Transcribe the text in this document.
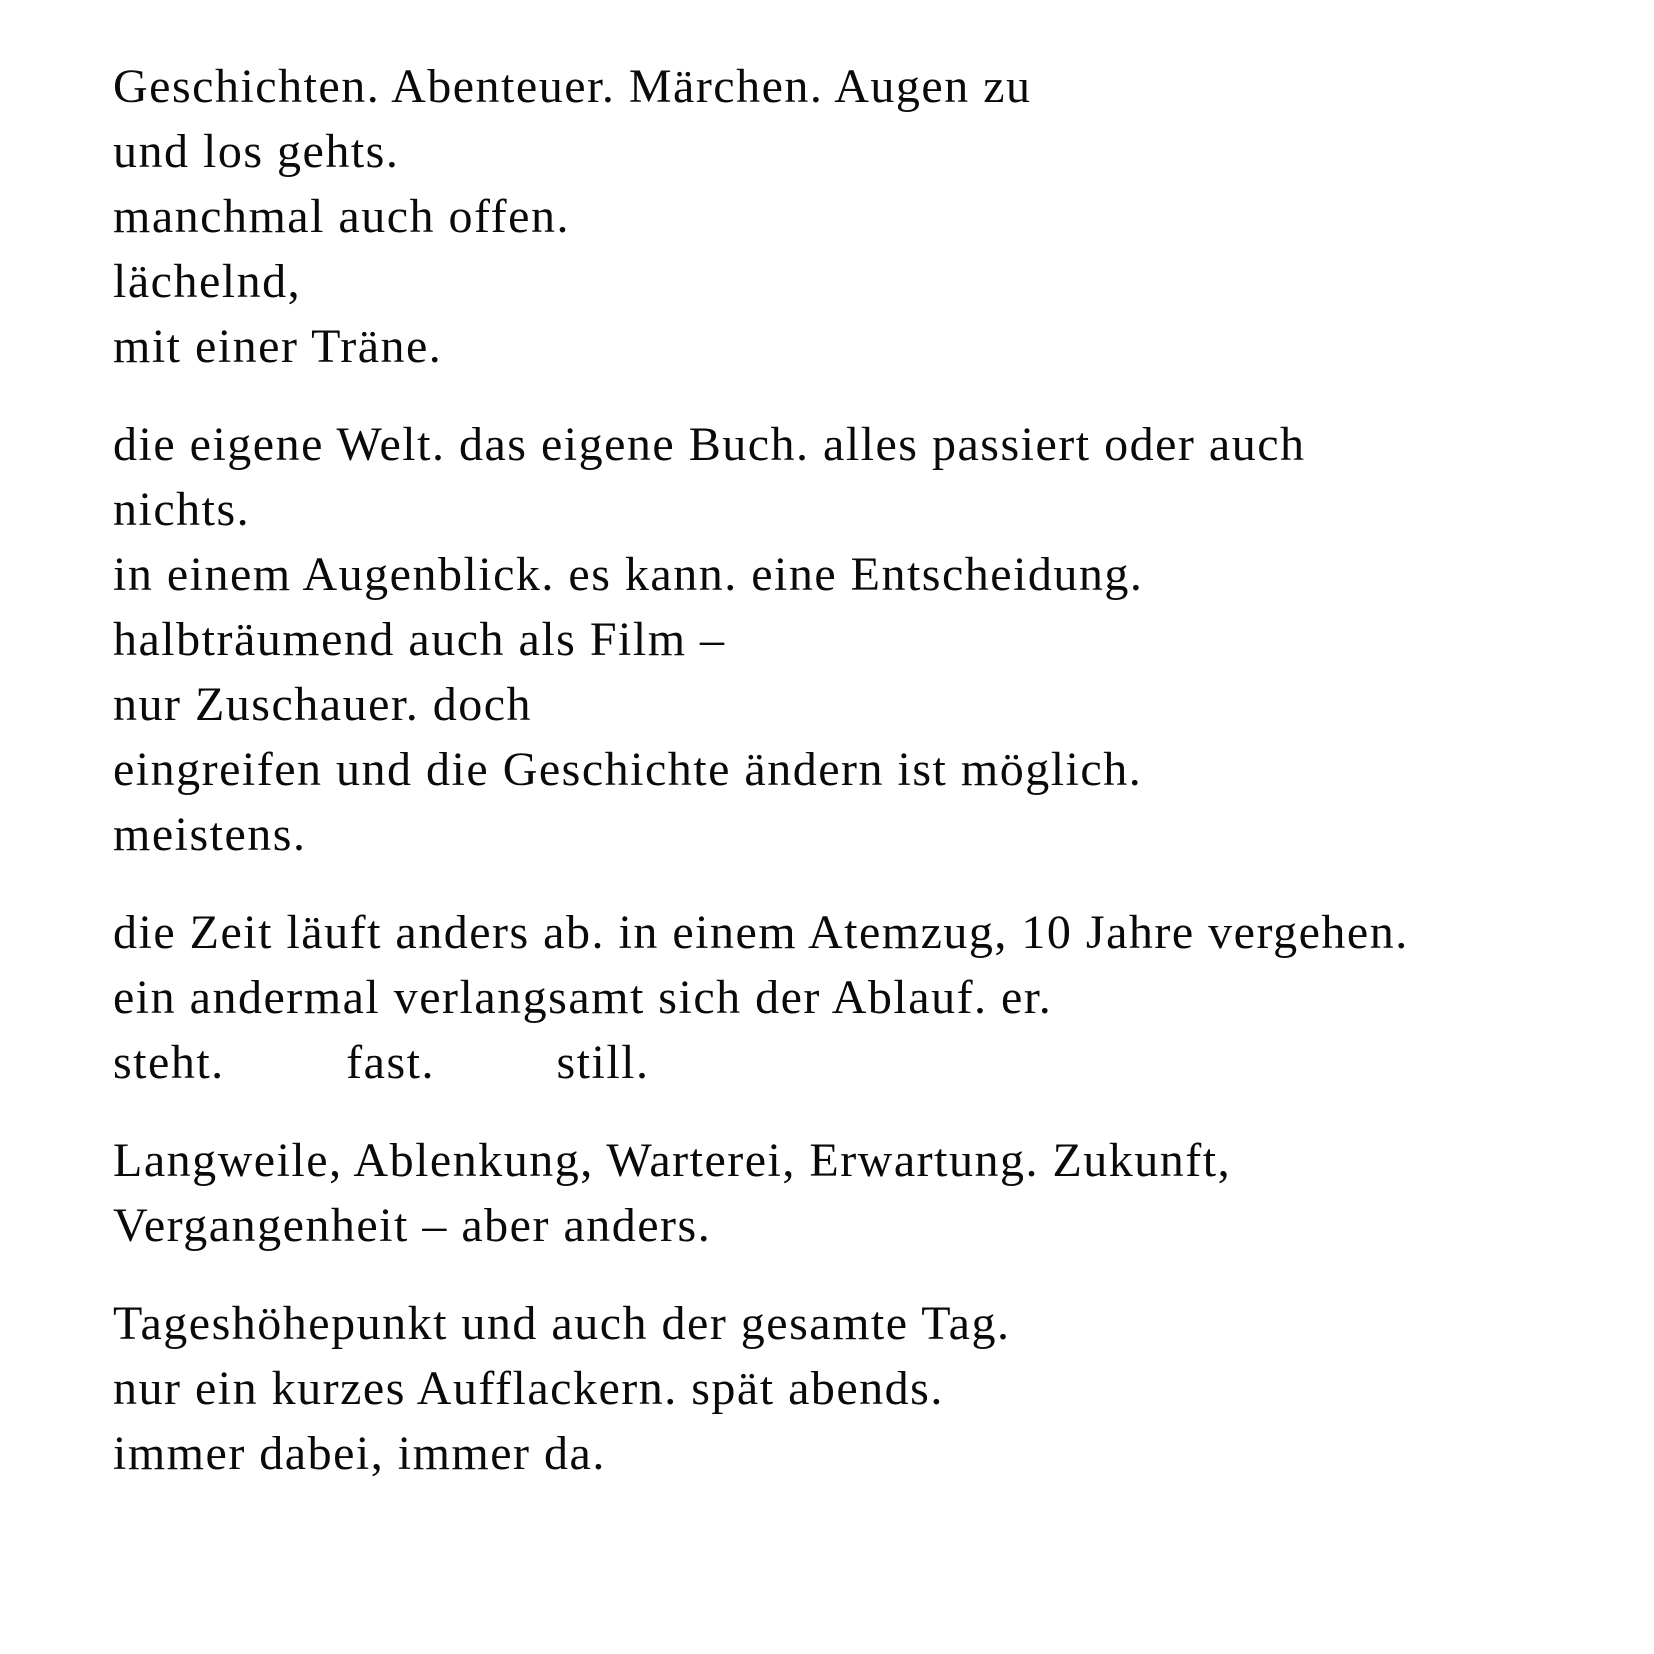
Geschichten. Abenteuer. Märchen. Augen zu
und los gehts.
manchmal auch offen.
lächelnd,
mit einer Träne.

die eigene Welt. das eigene Buch. alles passiert oder auch
nichts.
in einem Augenblick. es kann. eine Entscheidung.
halbträumend auch als Film –
nur Zuschauer. doch
eingreifen und die Geschichte ändern ist möglich.
meistens.

die Zeit läuft anders ab. in einem Atemzug, 10 Jahre vergehen.
ein andermal verlangsamt sich der Ablauf. er.
steht.         fast.         still.

Langweile, Ablenkung, Warterei, Erwartung. Zukunft,
Vergangenheit – aber anders.

Tageshöhepunkt und auch der gesamte Tag.
nur ein kurzes Aufflackern. spät abends.
immer dabei, immer da.
